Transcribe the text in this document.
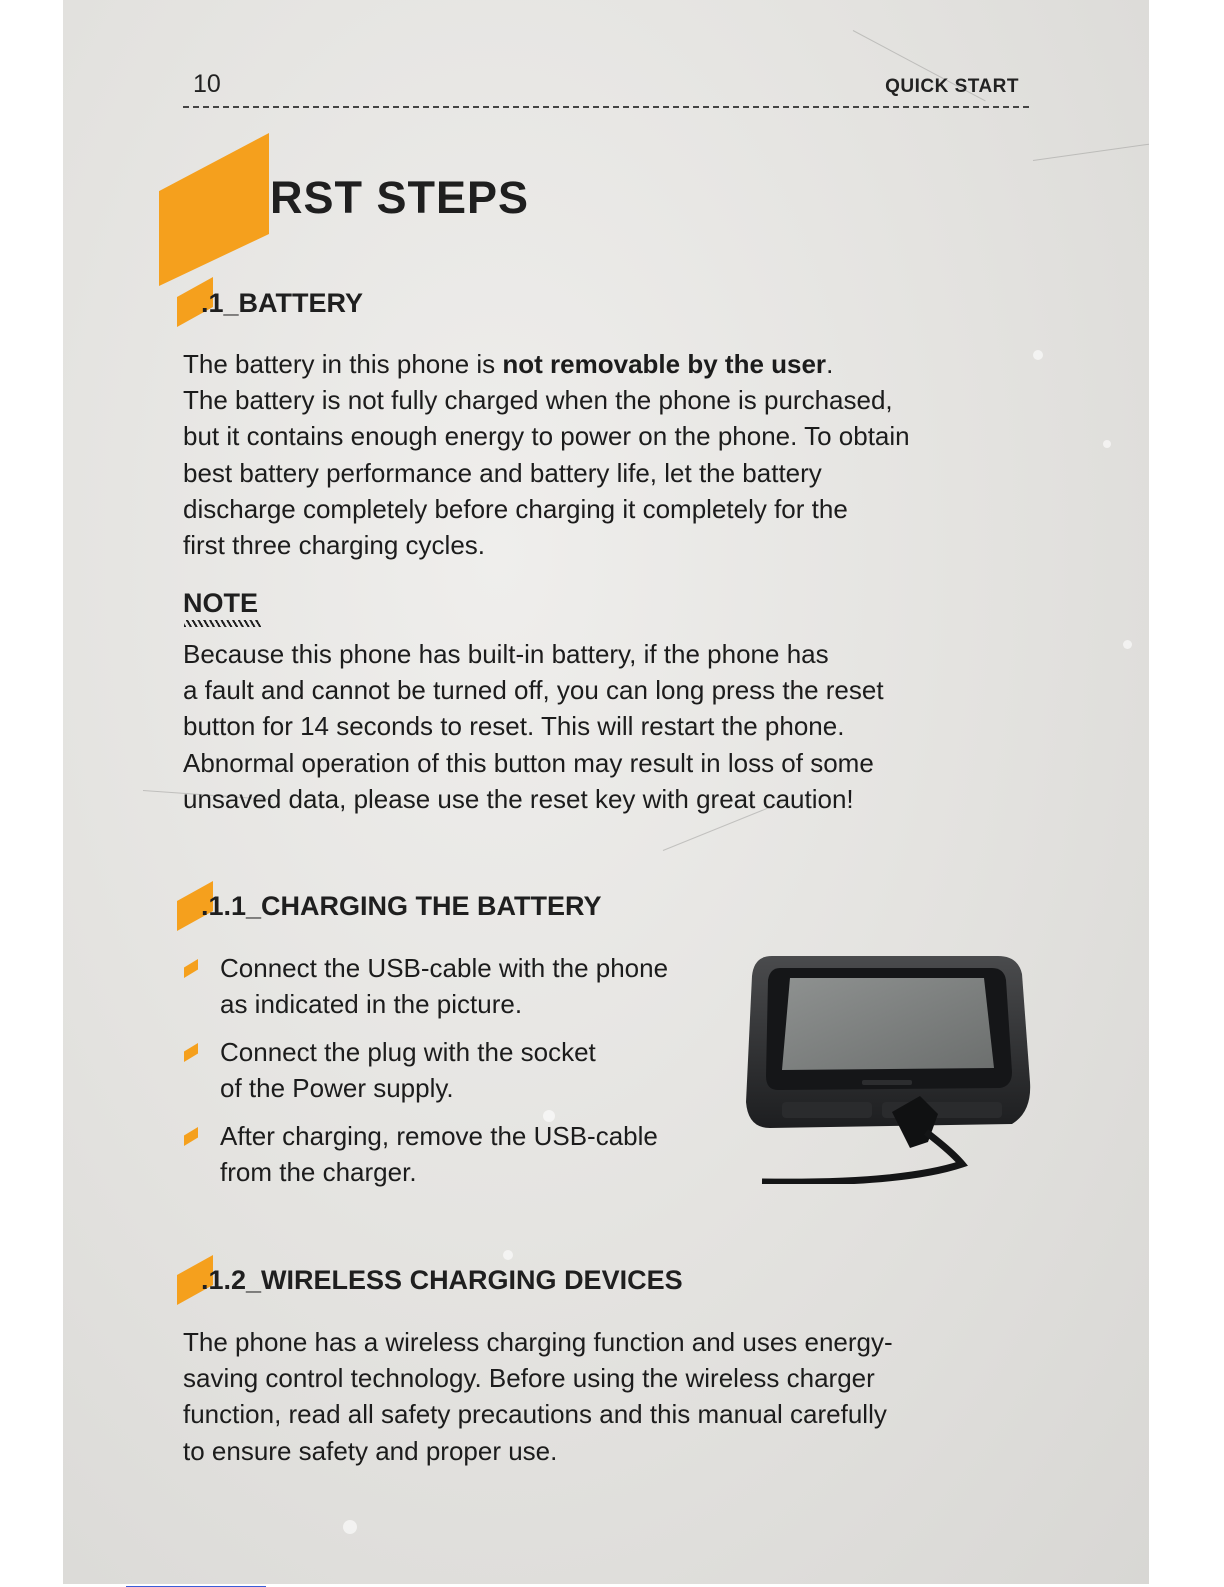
10	QUICK START
RST STEPS
.1_BATTERY

The battery in this phone is not removable by the user.
The battery is not fully charged when the phone is purchased,
but it contains enough energy to power on the phone. To obtain
best battery performance and battery life, let the battery
discharge completely before charging it completely for the
first three charging cycles.

NOTE

Because this phone has built-in battery, if the phone has
a fault and cannot be turned off, you can long press the reset
button for 14 seconds to reset. This will restart the phone.
Abnormal operation of this button may result in loss of some
unsaved data, please use the reset key with great caution!

.1.1_CHARGING THE BATTERY
Connect the USB-cable with the phone
as indicated in the picture.
Connect the plug with the socket
of the Power supply.
After charging, remove the USB-cable
from the charger.
.1.2_WIRELESS CHARGING DEVICES

The phone has a wireless charging function and uses energy-
saving control technology. Before using the wireless charger
function, read all safety precautions and this manual carefully
to ensure safety and proper use.
